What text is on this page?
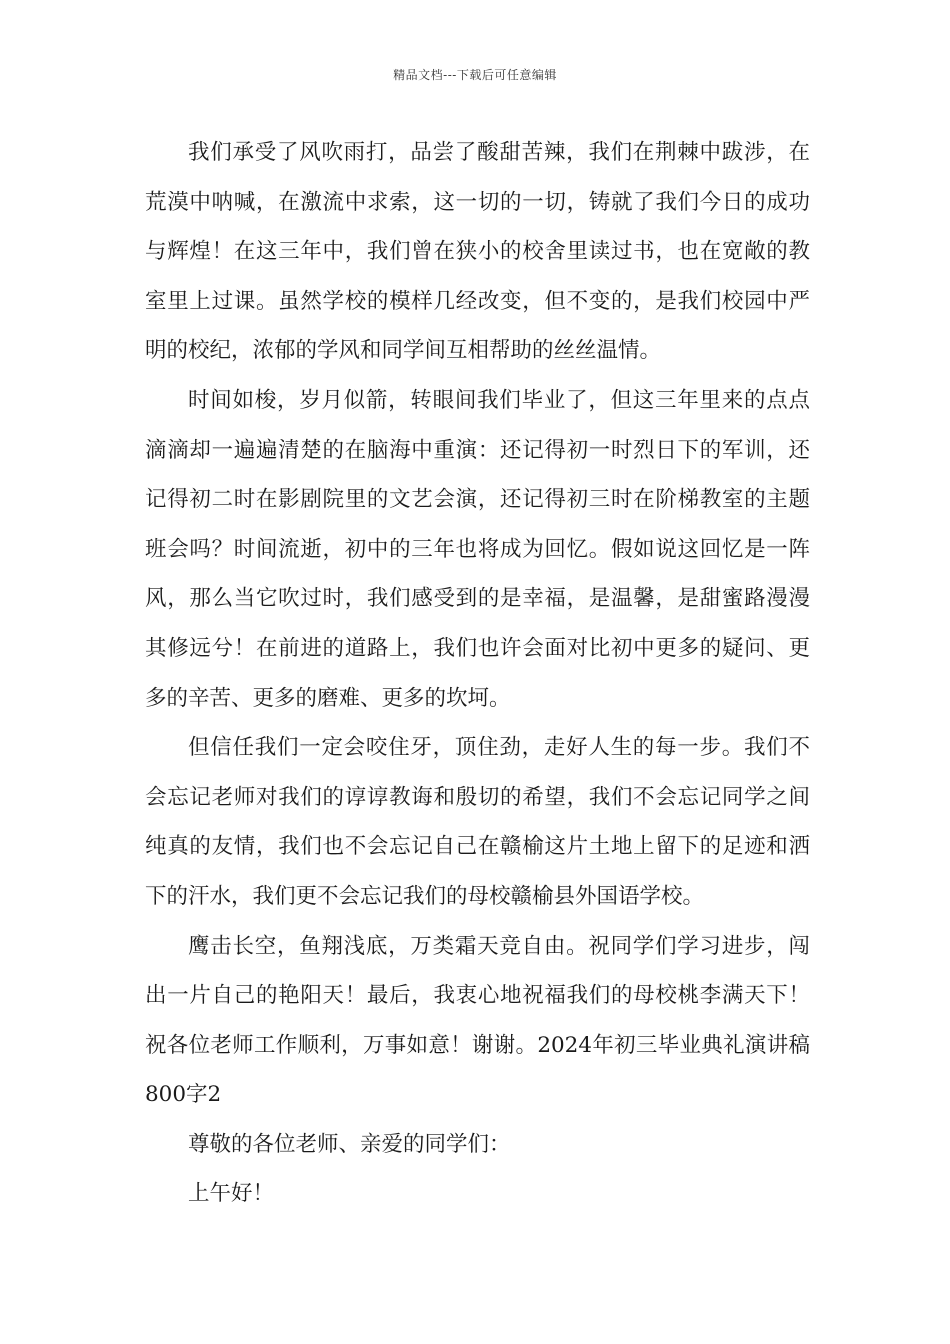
精品文档---下载后可任意编辑

我们承受了风吹雨打，品尝了酸甜苦辣，我们在荆棘中跋涉，在荒漠中呐喊，在激流中求索，这一切的一切，铸就了我们今日的成功与辉煌！在这三年中，我们曾在狭小的校舍里读过书，也在宽敞的教室里上过课。虽然学校的模样几经改变，但不变的，是我们校园中严明的校纪，浓郁的学风和同学间互相帮助的丝丝温情。

时间如梭，岁月似箭，转眼间我们毕业了，但这三年里来的点点滴滴却一遍遍清楚的在脑海中重演：还记得初一时烈日下的军训，还记得初二时在影剧院里的文艺会演，还记得初三时在阶梯教室的主题班会吗？时间流逝，初中的三年也将成为回忆。假如说这回忆是一阵风，那么当它吹过时，我们感受到的是幸福，是温馨，是甜蜜路漫漫其修远兮！在前进的道路上，我们也许会面对比初中更多的疑问、更多的辛苦、更多的磨难、更多的坎坷。

但信任我们一定会咬住牙，顶住劲，走好人生的每一步。我们不会忘记老师对我们的谆谆教诲和殷切的希望，我们不会忘记同学之间纯真的友情，我们也不会忘记自己在赣榆这片土地上留下的足迹和洒下的汗水，我们更不会忘记我们的母校赣榆县外国语学校。

鹰击长空，鱼翔浅底，万类霜天竞自由。祝同学们学习进步，闯出一片自己的艳阳天！最后，我衷心地祝福我们的母校桃李满天下！祝各位老师工作顺利，万事如意！谢谢。2024年初三毕业典礼演讲稿800字2

尊敬的各位老师、亲爱的同学们：

上午好！
